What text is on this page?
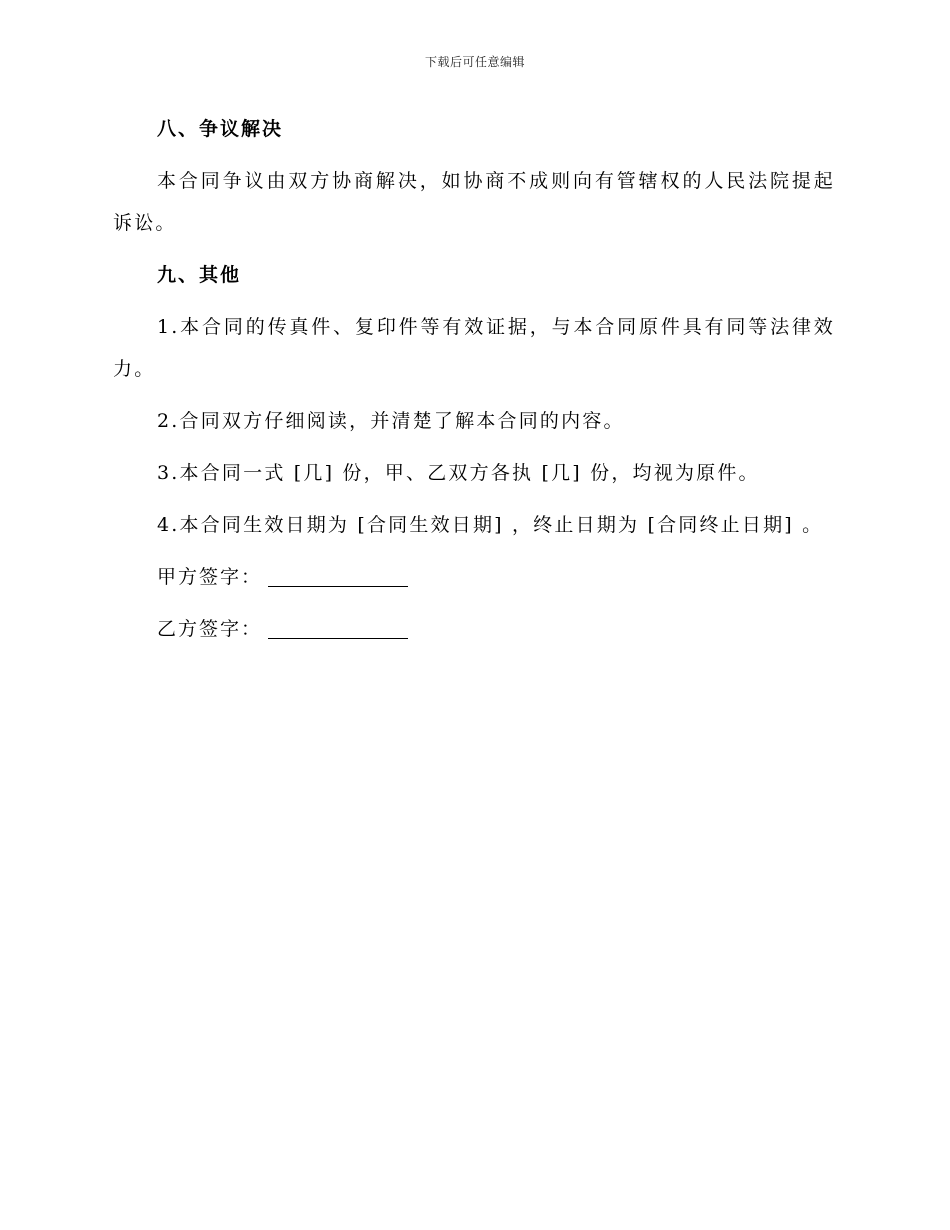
下载后可任意编辑
八、争议解决

本合同争议由双方协商解决，如协商不成则向有管辖权的人民法院提起诉讼。

九、其他

1.本合同的传真件、复印件等有效证据，与本合同原件具有同等法律效力。

2.合同双方仔细阅读，并清楚了解本合同的内容。

3.本合同一式 [几] 份，甲、乙双方各执 [几] 份，均视为原件。

4.本合同生效日期为 [合同生效日期] ，终止日期为 [合同终止日期] 。

甲方签字：
乙方签字：
